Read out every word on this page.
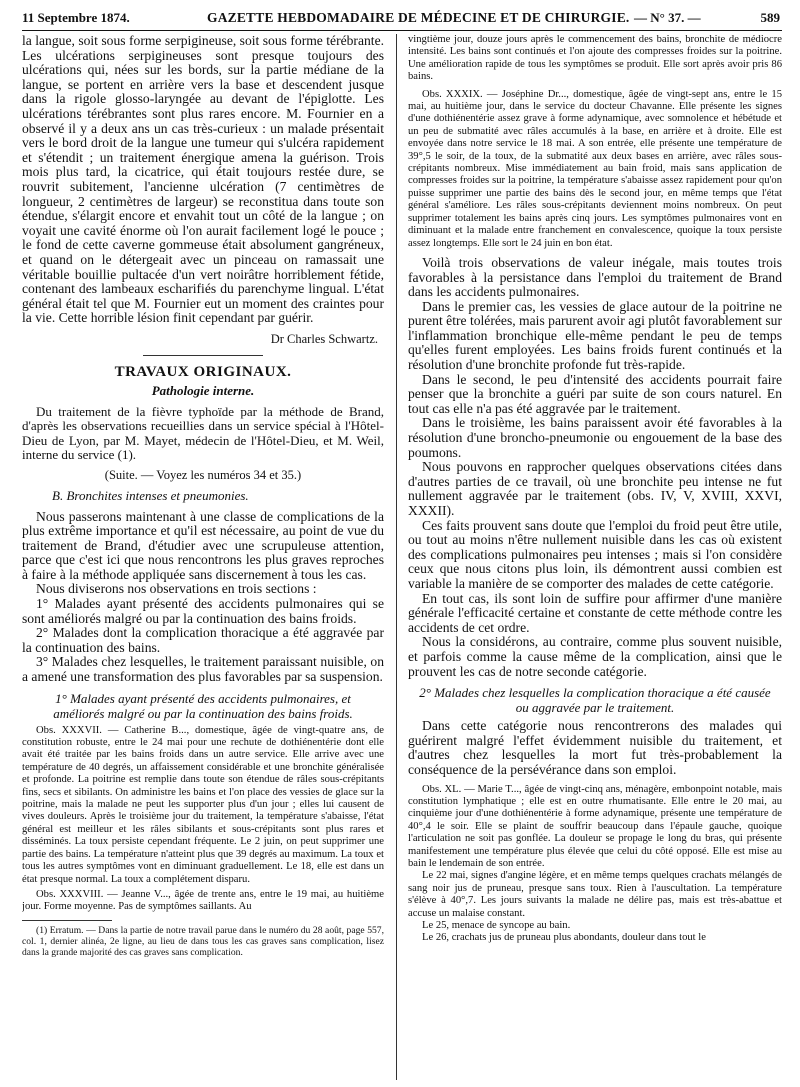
11 Septembre 1874.	GAZETTE HEBDOMADAIRE DE MÉDECINE ET DE CHIRURGIE. — N° 37. —	589

la langue, soit sous forme serpigineuse, soit sous forme térébrante. Les ulcérations serpigineuses sont presque toujours des ulcérations qui, nées sur les bords, sur la partie médiane de la langue, se portent en arrière vers la base et descendent jusque dans la rigole glosso-laryngée au devant de l'épiglotte. Les ulcérations térébrantes sont plus rares encore. M. Fournier en a observé il y a deux ans un cas très-curieux : un malade présentait vers le bord droit de la langue une tumeur qui s'ulcéra rapidement et s'étendit ; un traitement énergique amena la guérison. Trois mois plus tard, la cicatrice, qui était toujours restée dure, se rouvrit subitement, l'ancienne ulcération (7 centimètres de longueur, 2 centimètres de largeur) se reconstitua dans toute son étendue, s'élargit encore et envahit tout un côté de la langue ; on voyait une cavité énorme où l'on aurait facilement logé le pouce ; le fond de cette caverne gommeuse était absolument gangréneux, et quand on le détergeait avec un pinceau on ramassait une véritable bouillie pultacée d'un vert noirâtre horriblement fétide, contenant des lambeaux escharifiés du parenchyme lingual. L'état général était tel que M. Fournier eut un moment des craintes pour la vie. Cette horrible lésion finit cependant par guérir.

Dr Charles Schwartz.

TRAVAUX ORIGINAUX.

Pathologie interne.

Du traitement de la fièvre typhoïde par la méthode de Brand, d'après les observations recueillies dans un service spécial à l'Hôtel-Dieu de Lyon, par M. Mayet, médecin de l'Hôtel-Dieu, et M. Weil, interne du service (1).

(Suite. — Voyez les numéros 34 et 35.)

B. Bronchites intenses et pneumonies.

Nous passerons maintenant à une classe de complications de la plus extrême importance et qu'il est nécessaire, au point de vue du traitement de Brand, d'étudier avec une scrupuleuse attention, parce que c'est ici que nous rencontrons les plus graves reproches à faire à la méthode appliquée sans discernement à tous les cas.

Nous diviserons nos observations en trois sections :

1° Malades ayant présenté des accidents pulmonaires qui se sont améliorés malgré ou par la continuation des bains froids.

2° Malades dont la complication thoracique a été aggravée par la continuation des bains.

3° Malades chez lesquelles, le traitement paraissant nuisible, on a amené une transformation des plus favorables par sa suspension.

1° Malades ayant présenté des accidents pulmonaires, et améliorés malgré ou par la continuation des bains froids.

Obs. XXXVII. — Catherine B..., domestique, âgée de vingt-quatre ans, de constitution robuste, entre le 24 mai pour une rechute de dothiénentérie dont elle avait été traitée par les bains froids dans un autre service. Elle arrive avec une température de 40 degrés, un affaissement considérable et une bronchite généralisée et profonde. La poitrine est remplie dans toute son étendue de râles sous-crépitants fins, secs et sibilants. On administre les bains et l'on place des vessies de glace sur la poitrine, mais la malade ne peut les supporter plus d'un jour ; elles lui causent de vives douleurs. Après le troisième jour du traitement, la température s'abaisse, l'état général est meilleur et les râles sibilants et sous-crépitants sont plus rares et disséminés. La toux persiste cependant fréquente. Le 2 juin, on peut supprimer une partie des bains. La température n'atteint plus que 39 degrés au maximum. La toux et tous les autres symptômes vont en diminuant graduellement. Le 18, elle est dans un état presque normal. La toux a complétement disparu.

Obs. XXXVIII. — Jeanne V..., âgée de trente ans, entre le 19 mai, au huitième jour. Forme moyenne. Pas de symptômes saillants. Au

(1) Erratum. — Dans la partie de notre travail parue dans le numéro du 28 août, page 557, col. 1, dernier alinéa, 2e ligne, au lieu de dans tous les cas graves sans complication, lisez dans la grande majorité des cas graves sans complication.

vingtième jour, douze jours après le commencement des bains, bronchite de médiocre intensité. Les bains sont continués et l'on ajoute des compresses froides sur la poitrine. Une amélioration rapide de tous les symptômes se produit. Elle sort après avoir pris 86 bains.

Obs. XXXIX. — Joséphine Dr..., domestique, âgée de vingt-sept ans, entre le 15 mai, au huitième jour, dans le service du docteur Chavanne. Elle présente les signes d'une dothiénentérie assez grave à forme adynamique, avec somnolence et hébétude et un peu de submatité avec râles accumulés à la base, en arrière et à droite. Elle est envoyée dans notre service le 18 mai. A son entrée, elle présente une température de 39°,5 le soir, de la toux, de la submatité aux deux bases en arrière, avec râles sous-crépitants nombreux. Mise immédiatement au bain froid, mais sans application de compresses froides sur la poitrine, la température s'abaisse assez rapidement pour qu'on puisse supprimer une partie des bains dès le second jour, en même temps que l'état général s'améliore. Les râles sous-crépitants deviennent moins nombreux. On peut supprimer totalement les bains après cinq jours. Les symptômes pulmonaires vont en diminuant et la malade entre franchement en convalescence, quoique la toux persiste assez longtemps. Elle sort le 24 juin en bon état.

Voilà trois observations de valeur inégale, mais toutes trois favorables à la persistance dans l'emploi du traitement de Brand dans les accidents pulmonaires.

Dans le premier cas, les vessies de glace autour de la poitrine ne purent être tolérées, mais parurent avoir agi plutôt favorablement sur l'inflammation bronchique elle-même pendant le peu de temps qu'elles furent employées. Les bains froids furent continués et la résolution d'une bronchite profonde fut très-rapide.

Dans le second, le peu d'intensité des accidents pourrait faire penser que la bronchite a guéri par suite de son cours naturel. En tout cas elle n'a pas été aggravée par le traitement.

Dans le troisième, les bains paraissent avoir été favorables à la résolution d'une broncho-pneumonie ou engouement de la base des poumons.

Nous pouvons en rapprocher quelques observations citées dans d'autres parties de ce travail, où une bronchite peu intense ne fut nullement aggravée par le traitement (obs. IV, V, XVIII, XXVI, XXXII).

Ces faits prouvent sans doute que l'emploi du froid peut être utile, ou tout au moins n'être nullement nuisible dans les cas où existent des complications pulmonaires peu intenses ; mais si l'on considère ceux que nous citons plus loin, ils démontrent aussi combien est variable la manière de se comporter des malades de cette catégorie.

En tout cas, ils sont loin de suffire pour affirmer d'une manière générale l'efficacité certaine et constante de cette méthode contre les accidents de cet ordre.

Nous la considérons, au contraire, comme plus souvent nuisible, et parfois comme la cause même de la complication, ainsi que le prouvent les cas de notre seconde catégorie.

2° Malades chez lesquelles la complication thoracique a été causée ou aggravée par le traitement.

Dans cette catégorie nous rencontrerons des malades qui guérirent malgré l'effet évidemment nuisible du traitement, et d'autres chez lesquelles la mort fut très-probablement la conséquence de la persévérance dans son emploi.

Obs. XL. — Marie T..., âgée de vingt-cinq ans, ménagère, embonpoint notable, mais constitution lymphatique ; elle est en outre rhumatisante. Elle entre le 20 mai, au cinquième jour d'une dothiénentérie à forme adynamique, présente une température de 40°,4 le soir. Elle se plaint de souffrir beaucoup dans l'épaule gauche, quoique l'articulation ne soit pas gonflée. La douleur se propage le long du bras, qui présente manifestement une température plus élevée que celui du côté opposé. Elle est mise au bain le lendemain de son entrée.

Le 22 mai, signes d'angine légère, et en même temps quelques crachats mélangés de sang noir jus de pruneau, presque sans toux. Rien à l'auscultation. La température s'élève à 40°,7. Les jours suivants la malade ne délire pas, mais est très-abattue et accuse un malaise constant.

Le 25, menace de syncope au bain.

Le 26, crachats jus de pruneau plus abondants, douleur dans tout le
